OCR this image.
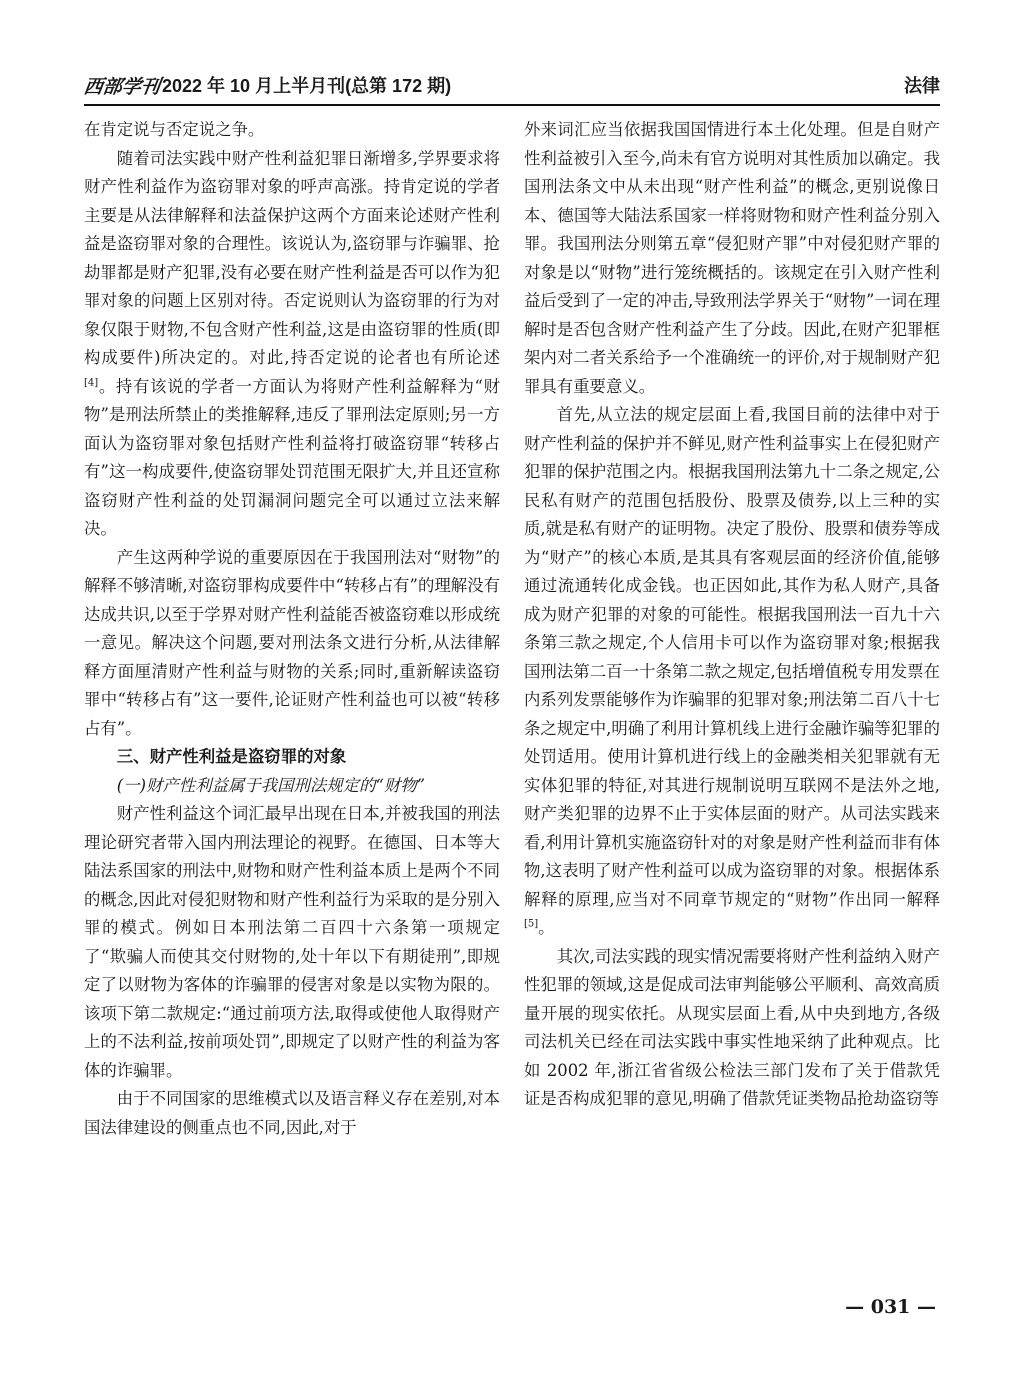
西部学刊 2022 年 10 月上半月刊(总第 172 期)	法律

在肯定说与否定说之争。

随着司法实践中财产性利益犯罪日渐增多,学界要求将财产性利益作为盗窃罪对象的呼声高涨。持肯定说的学者主要是从法律解释和法益保护这两个方面来论述财产性利益是盗窃罪对象的合理性。该说认为,盗窃罪与诈骗罪、抢劫罪都是财产犯罪,没有必要在财产性利益是否可以作为犯罪对象的问题上区别对待。否定说则认为盗窃罪的行为对象仅限于财物,不包含财产性利益,这是由盗窃罪的性质(即构成要件)所决定的。对此,持否定说的论者也有所论述[4]。持有该说的学者一方面认为将财产性利益解释为“财物”是刑法所禁止的类推解释,违反了罪刑法定原则;另一方面认为盗窃罪对象包括财产性利益将打破盗窃罪“转移占有”这一构成要件,使盗窃罪处罚范围无限扩大,并且还宣称盗窃财产性利益的处罚漏洞问题完全可以通过立法来解决。

产生这两种学说的重要原因在于我国刑法对“财物”的解释不够清晰,对盗窃罪构成要件中“转移占有”的理解没有达成共识,以至于学界对财产性利益能否被盗窃难以形成统一意见。解决这个问题,要对刑法条文进行分析,从法律解释方面厘清财产性利益与财物的关系;同时,重新解读盗窃罪中“转移占有”这一要件,论证财产性利益也可以被“转移占有”。

三、财产性利益是盗窃罪的对象

(一)财产性利益属于我国刑法规定的“财物”

财产性利益这个词汇最早出现在日本,并被我国的刑法理论研究者带入国内刑法理论的视野。在德国、日本等大陆法系国家的刑法中,财物和财产性利益本质上是两个不同的概念,因此对侵犯财物和财产性利益行为采取的是分别入罪的模式。例如日本刑法第二百四十六条第一项规定了“欺骗人而使其交付财物的,处十年以下有期徒刑”,即规定了以财物为客体的诈骗罪的侵害对象是以实物为限的。该项下第二款规定:“通过前项方法,取得或使他人取得财产上的不法利益,按前项处罚”,即规定了以财产性的利益为客体的诈骗罪。

由于不同国家的思维模式以及语言释义存在差别,对本国法律建设的侧重点也不同,因此,对于

外来词汇应当依据我国国情进行本土化处理。但是自财产性利益被引入至今,尚未有官方说明对其性质加以确定。我国刑法条文中从未出现“财产性利益”的概念,更别说像日本、德国等大陆法系国家一样将财物和财产性利益分别入罪。我国刑法分则第五章“侵犯财产罪”中对侵犯财产罪的对象是以“财物”进行笼统概括的。该规定在引入财产性利益后受到了一定的冲击,导致刑法学界关于“财物”一词在理解时是否包含财产性利益产生了分歧。因此,在财产犯罪框架内对二者关系给予一个准确统一的评价,对于规制财产犯罪具有重要意义。

首先,从立法的规定层面上看,我国目前的法律中对于财产性利益的保护并不鲜见,财产性利益事实上在侵犯财产犯罪的保护范围之内。根据我国刑法第九十二条之规定,公民私有财产的范围包括股份、股票及债券,以上三种的实质,就是私有财产的证明物。决定了股份、股票和债券等成为“财产”的核心本质,是其具有客观层面的经济价值,能够通过流通转化成金钱。也正因如此,其作为私人财产,具备成为财产犯罪的对象的可能性。根据我国刑法一百九十六条第三款之规定,个人信用卡可以作为盗窃罪对象;根据我国刑法第二百一十条第二款之规定,包括增值税专用发票在内系列发票能够作为诈骗罪的犯罪对象;刑法第二百八十七条之规定中,明确了利用计算机线上进行金融诈骗等犯罪的处罚适用。使用计算机进行线上的金融类相关犯罪就有无实体犯罪的特征,对其进行规制说明互联网不是法外之地,财产类犯罪的边界不止于实体层面的财产。从司法实践来看,利用计算机实施盗窃针对的对象是财产性利益而非有体物,这表明了财产性利益可以成为盗窃罪的对象。根据体系解释的原理,应当对不同章节规定的“财物”作出同一解释[5]。

其次,司法实践的现实情况需要将财产性利益纳入财产性犯罪的领域,这是促成司法审判能够公平顺利、高效高质量开展的现实依托。从现实层面上看,从中央到地方,各级司法机关已经在司法实践中事实性地采纳了此种观点。比如 2002 年,浙江省省级公检法三部门发布了关于借款凭证是否构成犯罪的意见,明确了借款凭证类物品抢劫盗窃等

— 031 —
